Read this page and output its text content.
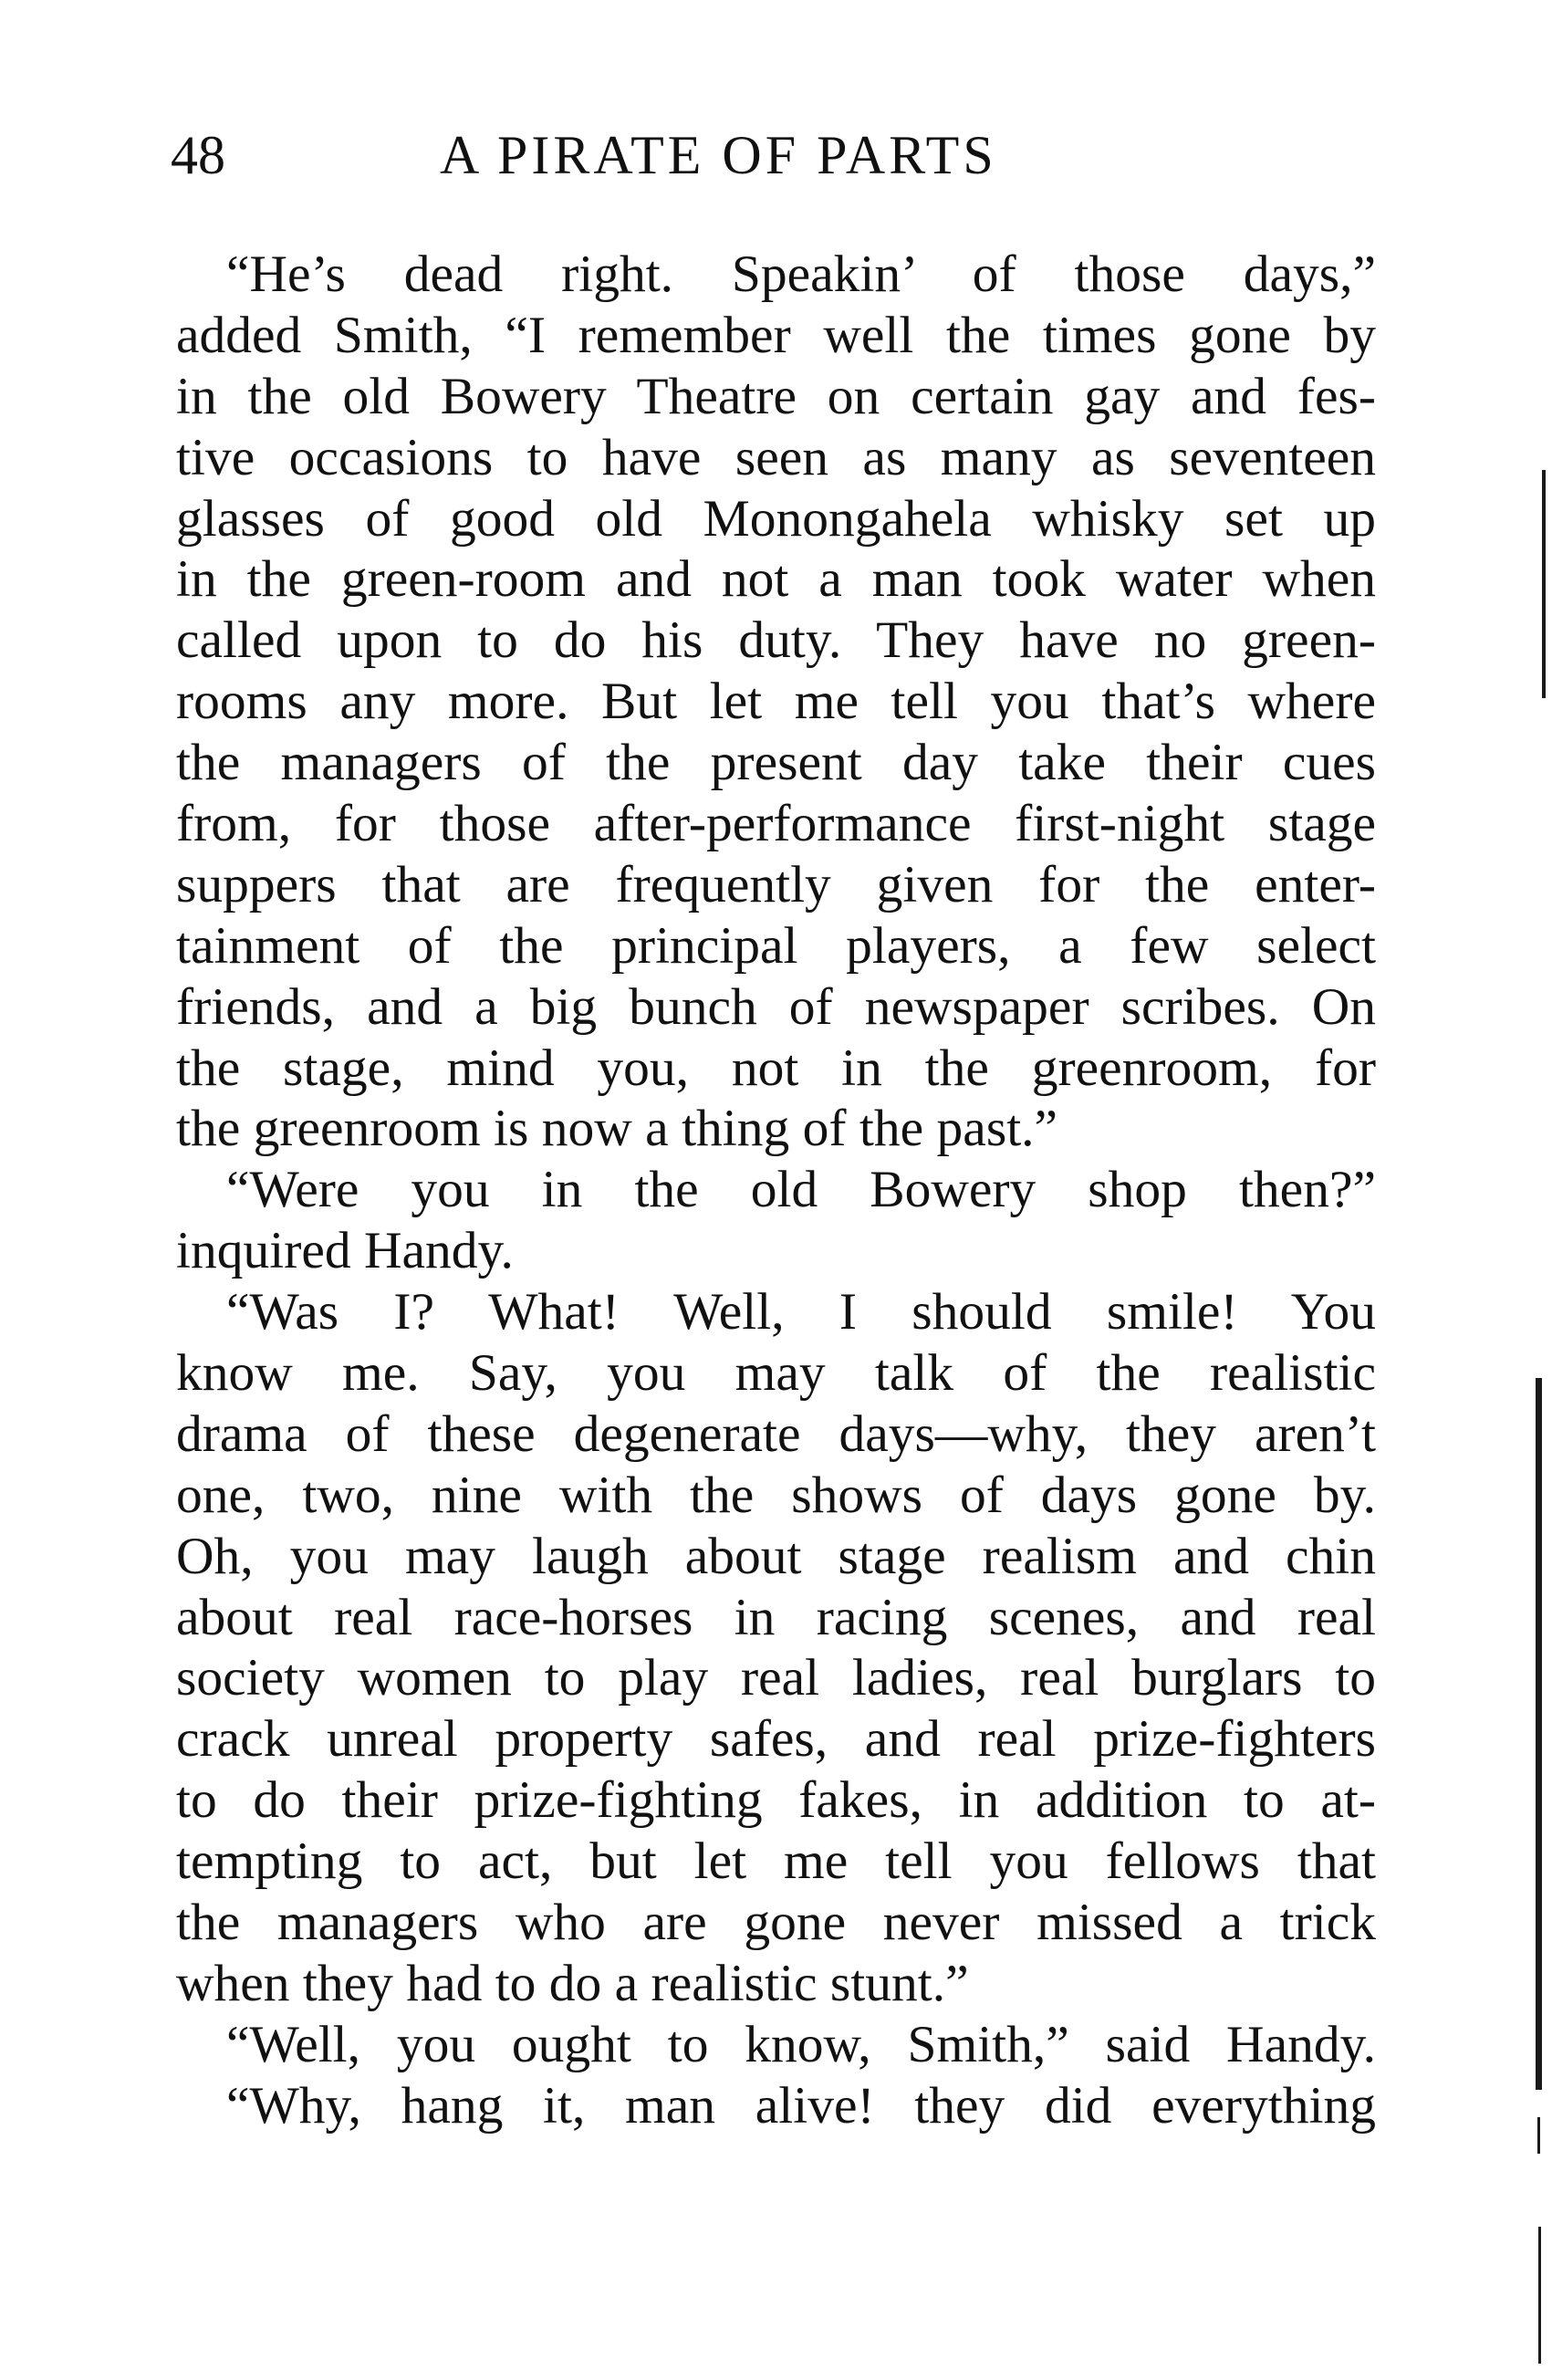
48	A PIRATE OF PARTS
“He’s dead right. Speakin’ of those days,”
added Smith, “I remember well the times gone by
in the old Bowery Theatre on certain gay and fes-
tive occasions to have seen as many as seventeen
glasses of good old Monongahela whisky set up
in the green-room and not a man took water when
called upon to do his duty. They have no green-
rooms any more. But let me tell you that’s where
the managers of the present day take their cues
from, for those after-performance first-night stage
suppers that are frequently given for the enter-
tainment of the principal players, a few select
friends, and a big bunch of newspaper scribes. On
the stage, mind you, not in the greenroom, for
the greenroom is now a thing of the past.”
“Were you in the old Bowery shop then?”
inquired Handy.
“Was I? What! Well, I should smile! You
know me. Say, you may talk of the realistic
drama of these degenerate days—why, they aren’t
one, two, nine with the shows of days gone by.
Oh, you may laugh about stage realism and chin
about real race-horses in racing scenes, and real
society women to play real ladies, real burglars to
crack unreal property safes, and real prize-fighters
to do their prize-fighting fakes, in addition to at-
tempting to act, but let me tell you fellows that
the managers who are gone never missed a trick
when they had to do a realistic stunt.”
“Well, you ought to know, Smith,” said Handy.
“Why, hang it, man alive! they did everything
